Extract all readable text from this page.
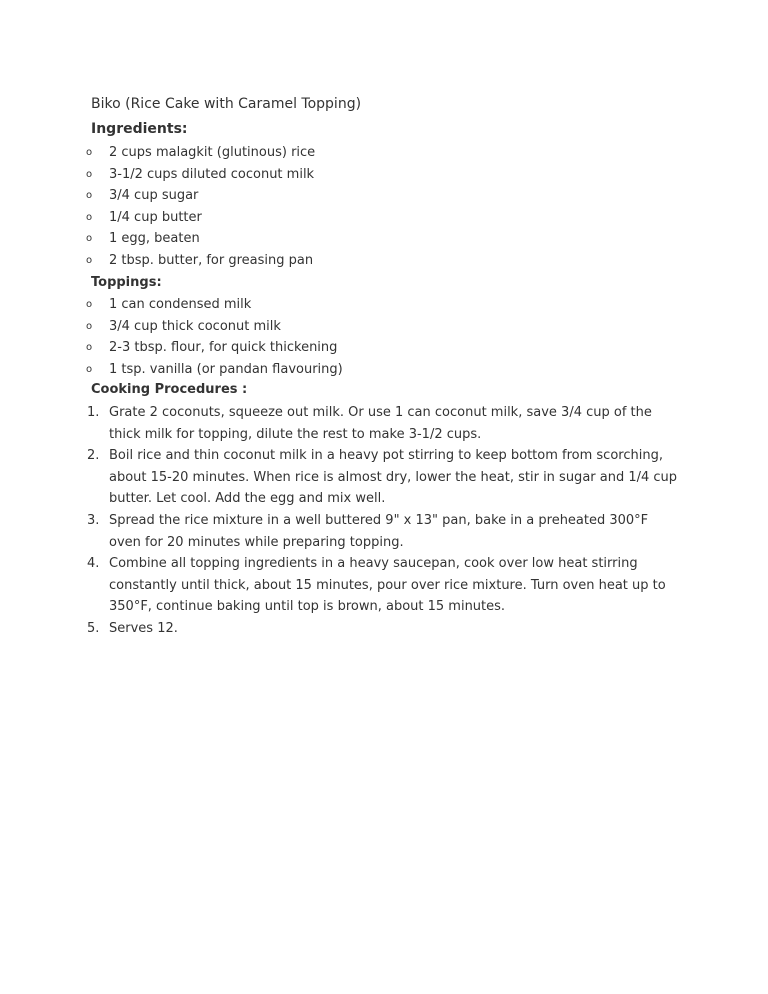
Biko (Rice Cake with Caramel Topping)
Ingredients:
o 2 cups malagkit (glutinous) rice
o 3-1/2 cups diluted coconut milk
o 3/4 cup sugar
o 1/4 cup butter
o 1 egg, beaten
o 2 tbsp. butter, for greasing pan
Toppings:
o 1 can condensed milk
o 3/4 cup thick coconut milk
o 2-3 tbsp. flour, for quick thickening
o 1 tsp. vanilla (or pandan flavouring)
Cooking Procedures :
1. Grate 2 coconuts, squeeze out milk. Or use 1 can coconut milk, save 3/4 cup of the thick milk for topping, dilute the rest to make 3-1/2 cups.
2. Boil rice and thin coconut milk in a heavy pot stirring to keep bottom from scorching, about 15-20 minutes. When rice is almost dry, lower the heat, stir in sugar and 1/4 cup butter. Let cool. Add the egg and mix well.
3. Spread the rice mixture in a well buttered 9" x 13" pan, bake in a preheated 300°F oven for 20 minutes while preparing topping.
4. Combine all topping ingredients in a heavy saucepan, cook over low heat stirring constantly until thick, about 15 minutes, pour over rice mixture. Turn oven heat up to 350°F, continue baking until top is brown, about 15 minutes.
5. Serves 12.
